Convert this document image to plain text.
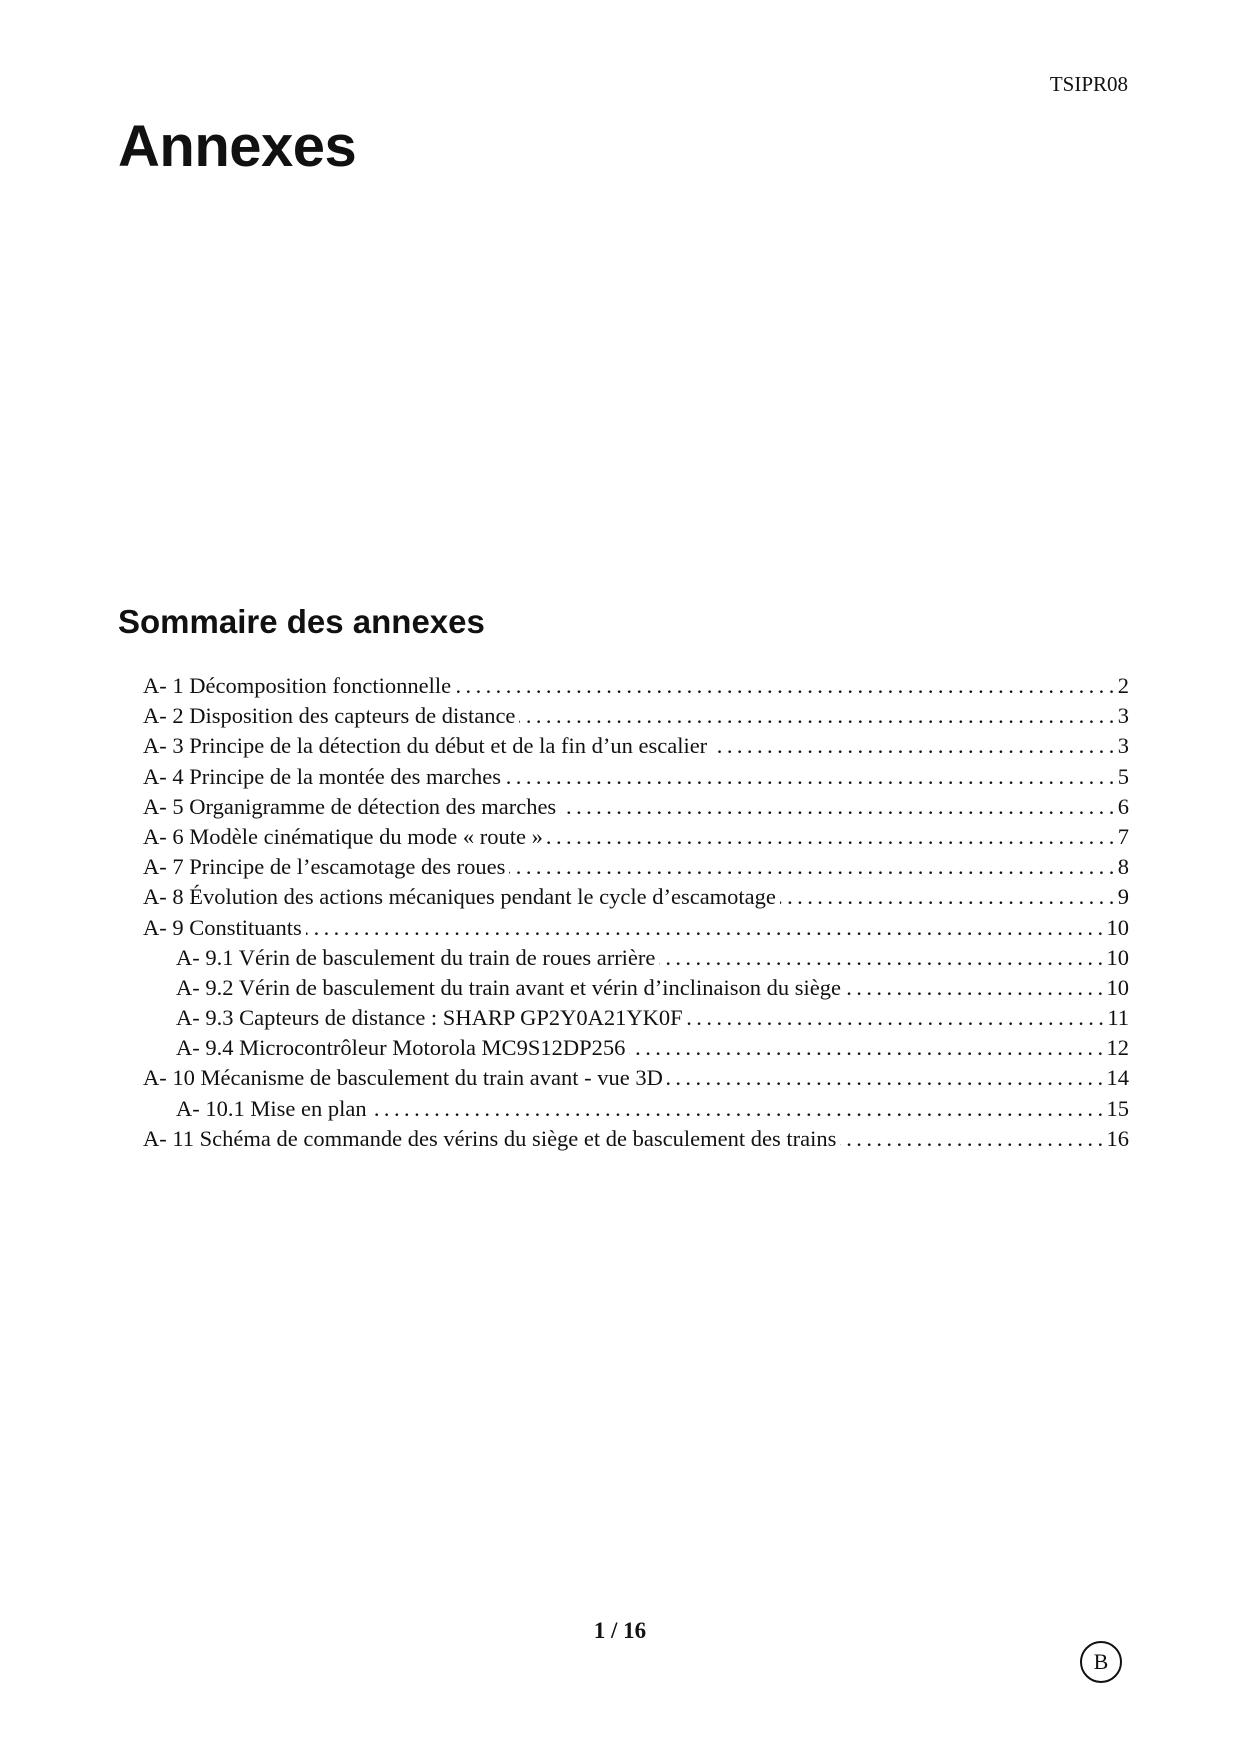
TSIPR08
Annexes
Sommaire des annexes
A- 1 Décomposition fonctionnelle . . .	2
A- 2 Disposition des capteurs de distance . . .	3
A- 3 Principe de la détection du début et de la fin d’un escalier . . .	3
A- 4 Principe de la montée des marches . . .	5
A- 5 Organigramme de détection des marches . . .	6
A- 6 Modèle cinématique du mode « route » . . .	7
A- 7 Principe de l’escamotage des roues . . .	8
A- 8 Évolution des actions mécaniques pendant le cycle d’escamotage . . .	9
A- 9 Constituants . . .	10
A- 9.1 Vérin de basculement du train de roues arrière . . .	10
A- 9.2 Vérin de basculement du train avant et vérin d’inclinaison du siège . . .	10
A- 9.3 Capteurs de distance : SHARP GP2Y0A21YK0F . . .	11
A- 9.4 Microcontrôleur Motorola MC9S12DP256 . . .	12
A- 10 Mécanisme de basculement du train avant - vue 3D . . .	14
A- 10.1 Mise en plan . . .	15
A- 11 Schéma de commande des vérins du siège et de basculement des trains . . .	16
1 / 16
B
